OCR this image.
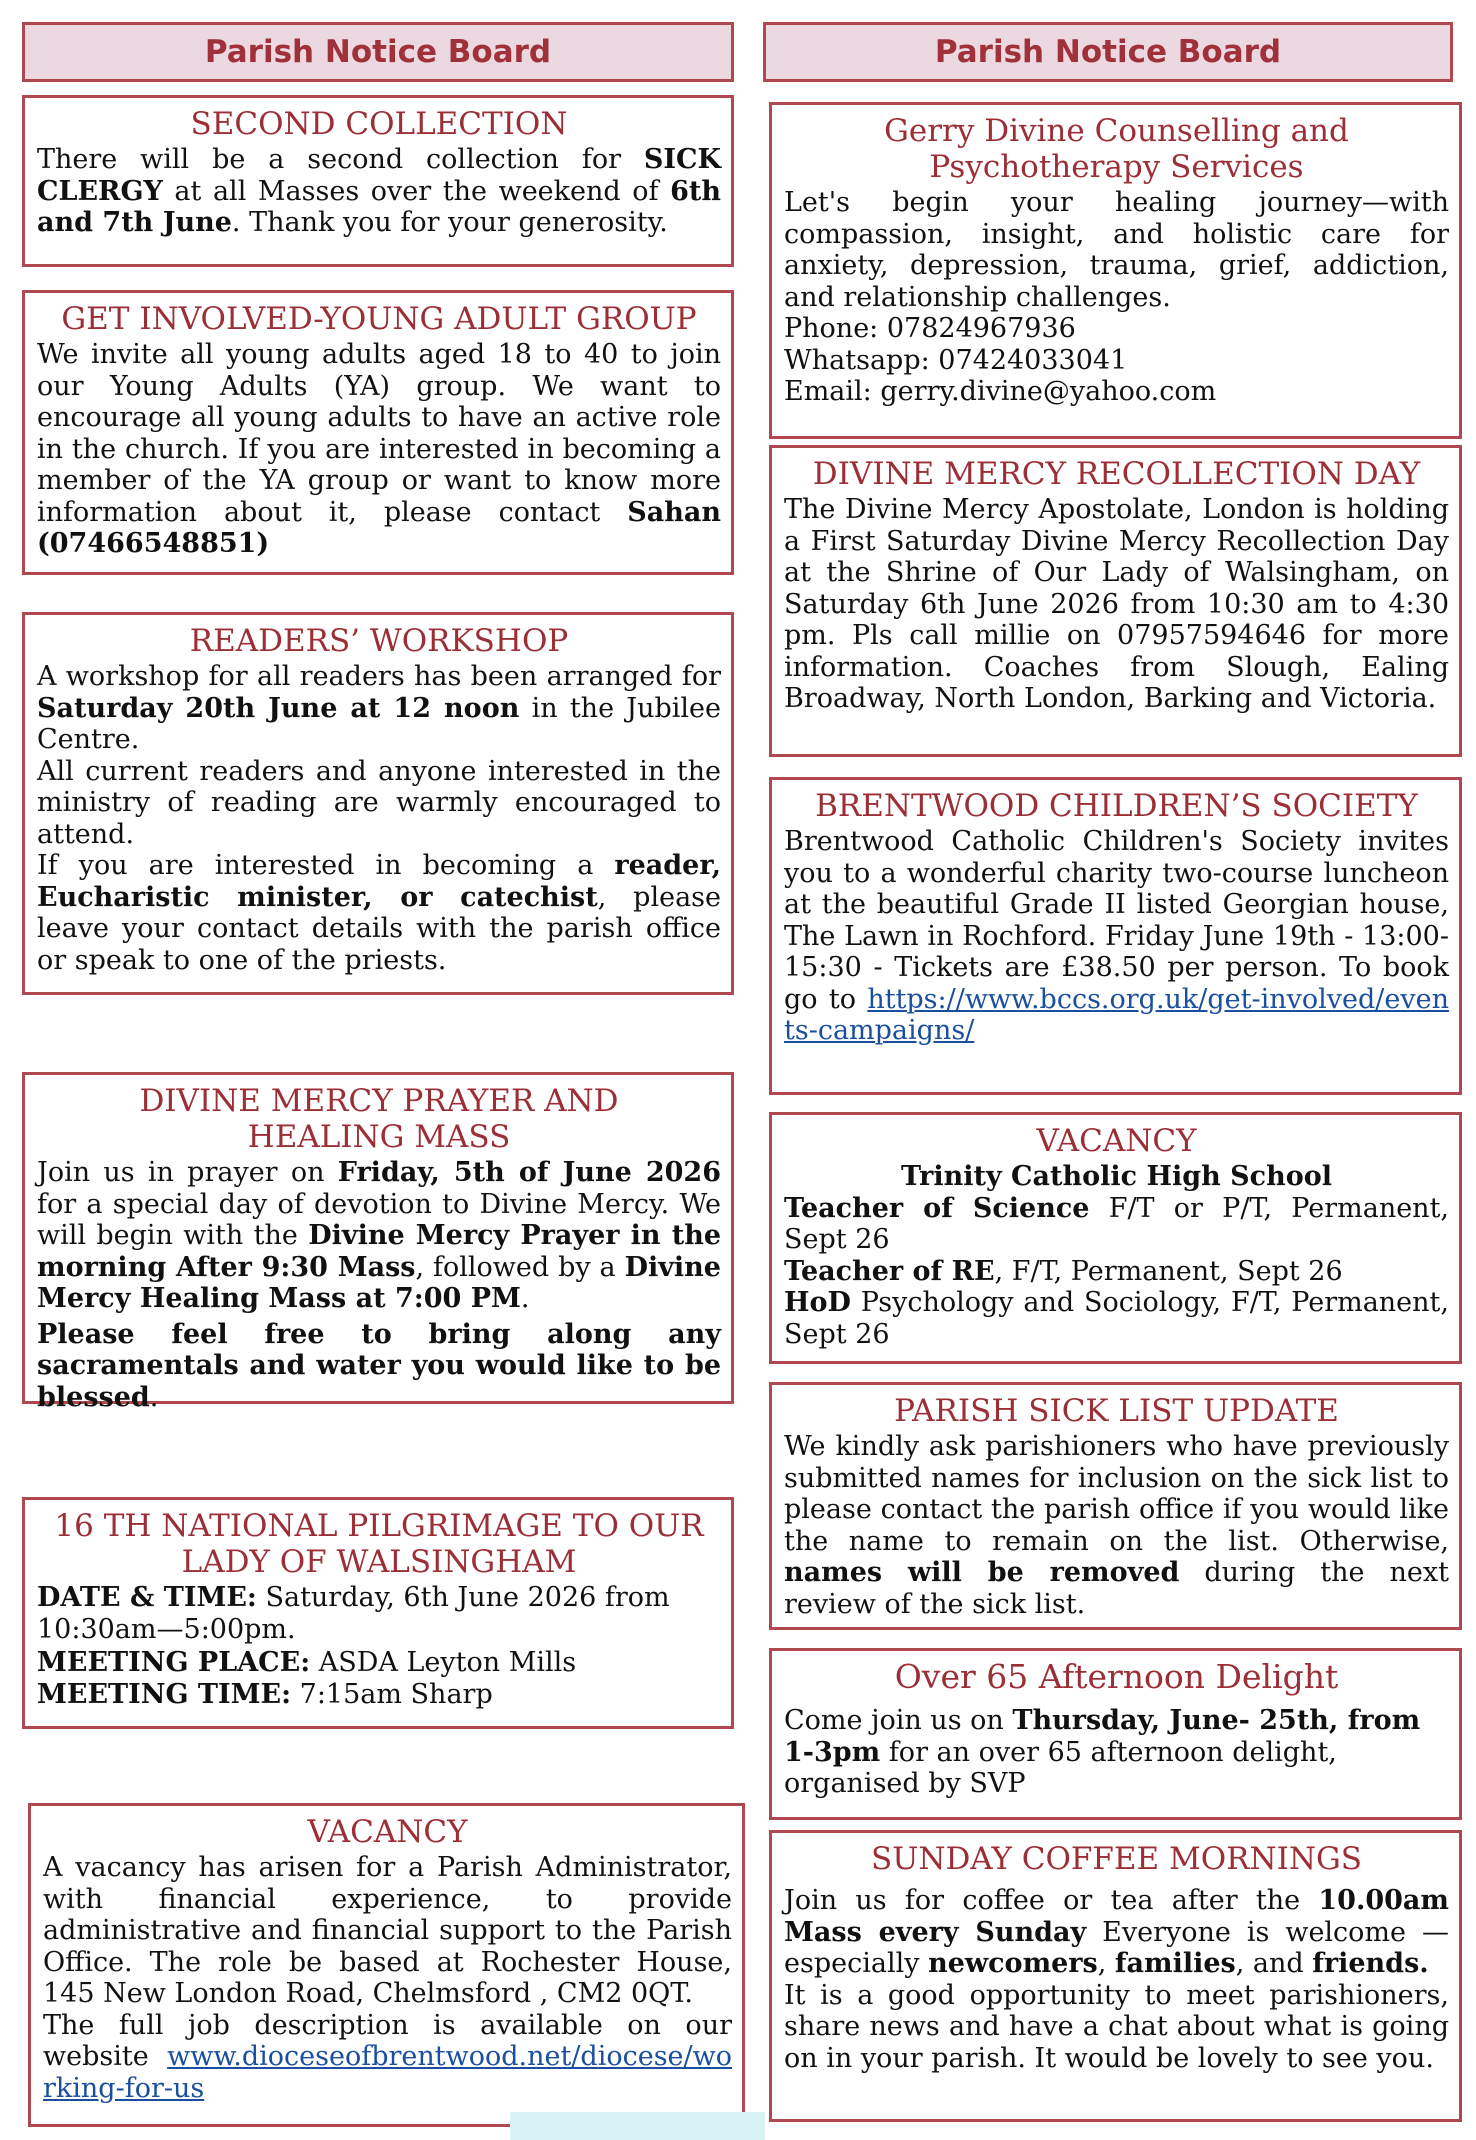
Parish Notice Board
SECOND COLLECTION
There will be a second collection for SICK CLERGY at all Masses over the weekend of 6th and 7th June. Thank you for your generosity.
GET INVOLVED-YOUNG ADULT GROUP
We invite all young adults aged 18 to 40 to join our Young Adults (YA) group. We want to encourage all young adults to have an active role in the church. If you are interested in becoming a member of the YA group or want to know more information about it, please contact Sahan (07466548851)
READERS’ WORKSHOP

A workshop for all readers has been arranged for Saturday 20th June at 12 noon in the Jubilee Centre.

All current readers and anyone interested in the ministry of reading are warmly encouraged to attend.

If you are interested in becoming a reader, Eucharistic minister, or catechist, please leave your contact details with the parish office or speak to one of the priests.

DIVINE MERCY PRAYER AND
HEALING MASS

Join us in prayer on Friday, 5th of June 2026 for a special day of devotion to Divine Mercy. We will begin with the Divine Mercy Prayer in the morning After 9:30 Mass, followed by a Divine Mercy Healing Mass at 7:00 PM.

Please feel free to bring along any sacramentals and water you would like to be blessed.

16 TH NATIONAL PILGRIMAGE TO OUR
LADY OF WALSINGHAM

DATE & TIME: Saturday, 6th June 2026 from 10:30am—5:00pm.

MEETING PLACE: ASDA Leyton Mills

MEETING TIME: 7:15am Sharp

VACANCY

A vacancy has arisen for a Parish Administrator, with financial experience, to provide administrative and financial support to the Parish Office. The role be based at Rochester House, 145 New London Road, Chelmsford , CM2 0QT.

The full job description is available on our website www.dioceseofbrentwood.net/diocese/working-for-us

Parish Notice Board
Gerry Divine Counselling and
Psychotherapy Services

Let's begin your healing journey—with compassion, insight, and holistic care for anxiety, depression, trauma, grief, addiction, and relationship challenges.

Phone: 07824967936

Whatsapp: 07424033041

Email: gerry.divine@yahoo.com

DIVINE MERCY RECOLLECTION DAY
The Divine Mercy Apostolate, London is holding a First Saturday Divine Mercy Recollection Day at the Shrine of Our Lady of Walsingham, on Saturday 6th June 2026 from 10:30 am to 4:30 pm. Pls call millie on 07957594646 for more information. Coaches from Slough, Ealing Broadway, North London, Barking and Victoria.
BRENTWOOD CHILDREN’S SOCIETY
Brentwood Catholic Children's Society invites you to a wonderful charity two-course luncheon at the beautiful Grade II listed Georgian house, The Lawn in Rochford. Friday June 19th - 13:00-15:30 - Tickets are £38.50 per person. To book go to https://www.bccs.org.uk/get-involved/events-campaigns/
VACANCY
Trinity Catholic High School

Teacher of Science F/T or P/T, Permanent, Sept 26

Teacher of RE, F/T, Permanent, Sept 26

HoD Psychology and Sociology, F/T, Permanent, Sept 26

PARISH SICK LIST UPDATE
We kindly ask parishioners who have previously submitted names for inclusion on the sick list to please contact the parish office if you would like the name to remain on the list. Otherwise, names will be removed during the next review of the sick list.
Over 65 Afternoon Delight
Come join us on Thursday, June- 25th, from 1-3pm for an over 65 afternoon delight, organised by SVP
SUNDAY COFFEE MORNINGS

Join us for coffee or tea after the 10.00am Mass every Sunday Everyone is welcome — especially newcomers, families, and friends.

It is a good opportunity to meet parishioners, share news and have a chat about what is going on in your parish. It would be lovely to see you.
